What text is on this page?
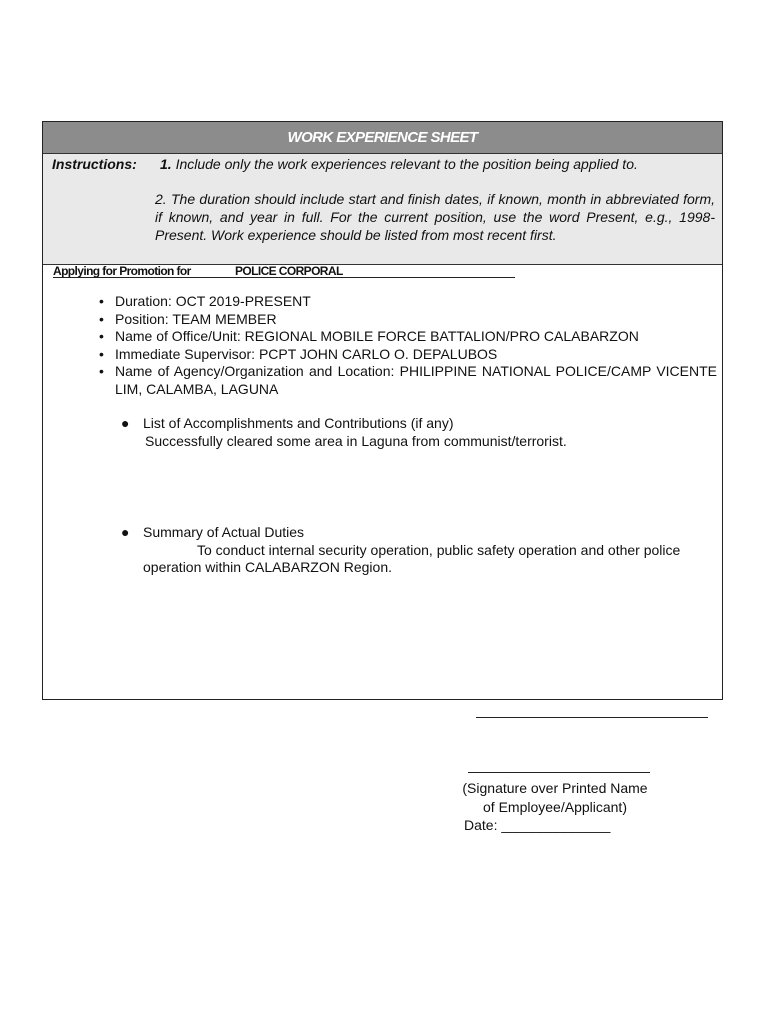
WORK EXPERIENCE SHEET
Instructions: 1. Include only the work experiences relevant to the position being applied to.
2. The duration should include start and finish dates, if known, month in abbreviated form, if known, and year in full. For the current position, use the word Present, e.g., 1998-Present. Work experience should be listed from most recent first.
Applying for Promotion for	POLICE CORPORAL
• Duration: OCT 2019-PRESENT
• Position: TEAM MEMBER
• Name of Office/Unit: REGIONAL MOBILE FORCE BATTALION/PRO CALABARZON
• Immediate Supervisor: PCPT JOHN CARLO O. DEPALUBOS
• Name of Agency/Organization and Location: PHILIPPINE NATIONAL POLICE/CAMP VICENTE LIM, CALAMBA, LAGUNA
● List of Accomplishments and Contributions (if any)
Successfully cleared some area in Laguna from communist/terrorist.
● Summary of Actual Duties
To conduct internal security operation, public safety operation and other police operation within CALABARZON Region.
(Signature over Printed Name
of Employee/Applicant)
Date: ______________
